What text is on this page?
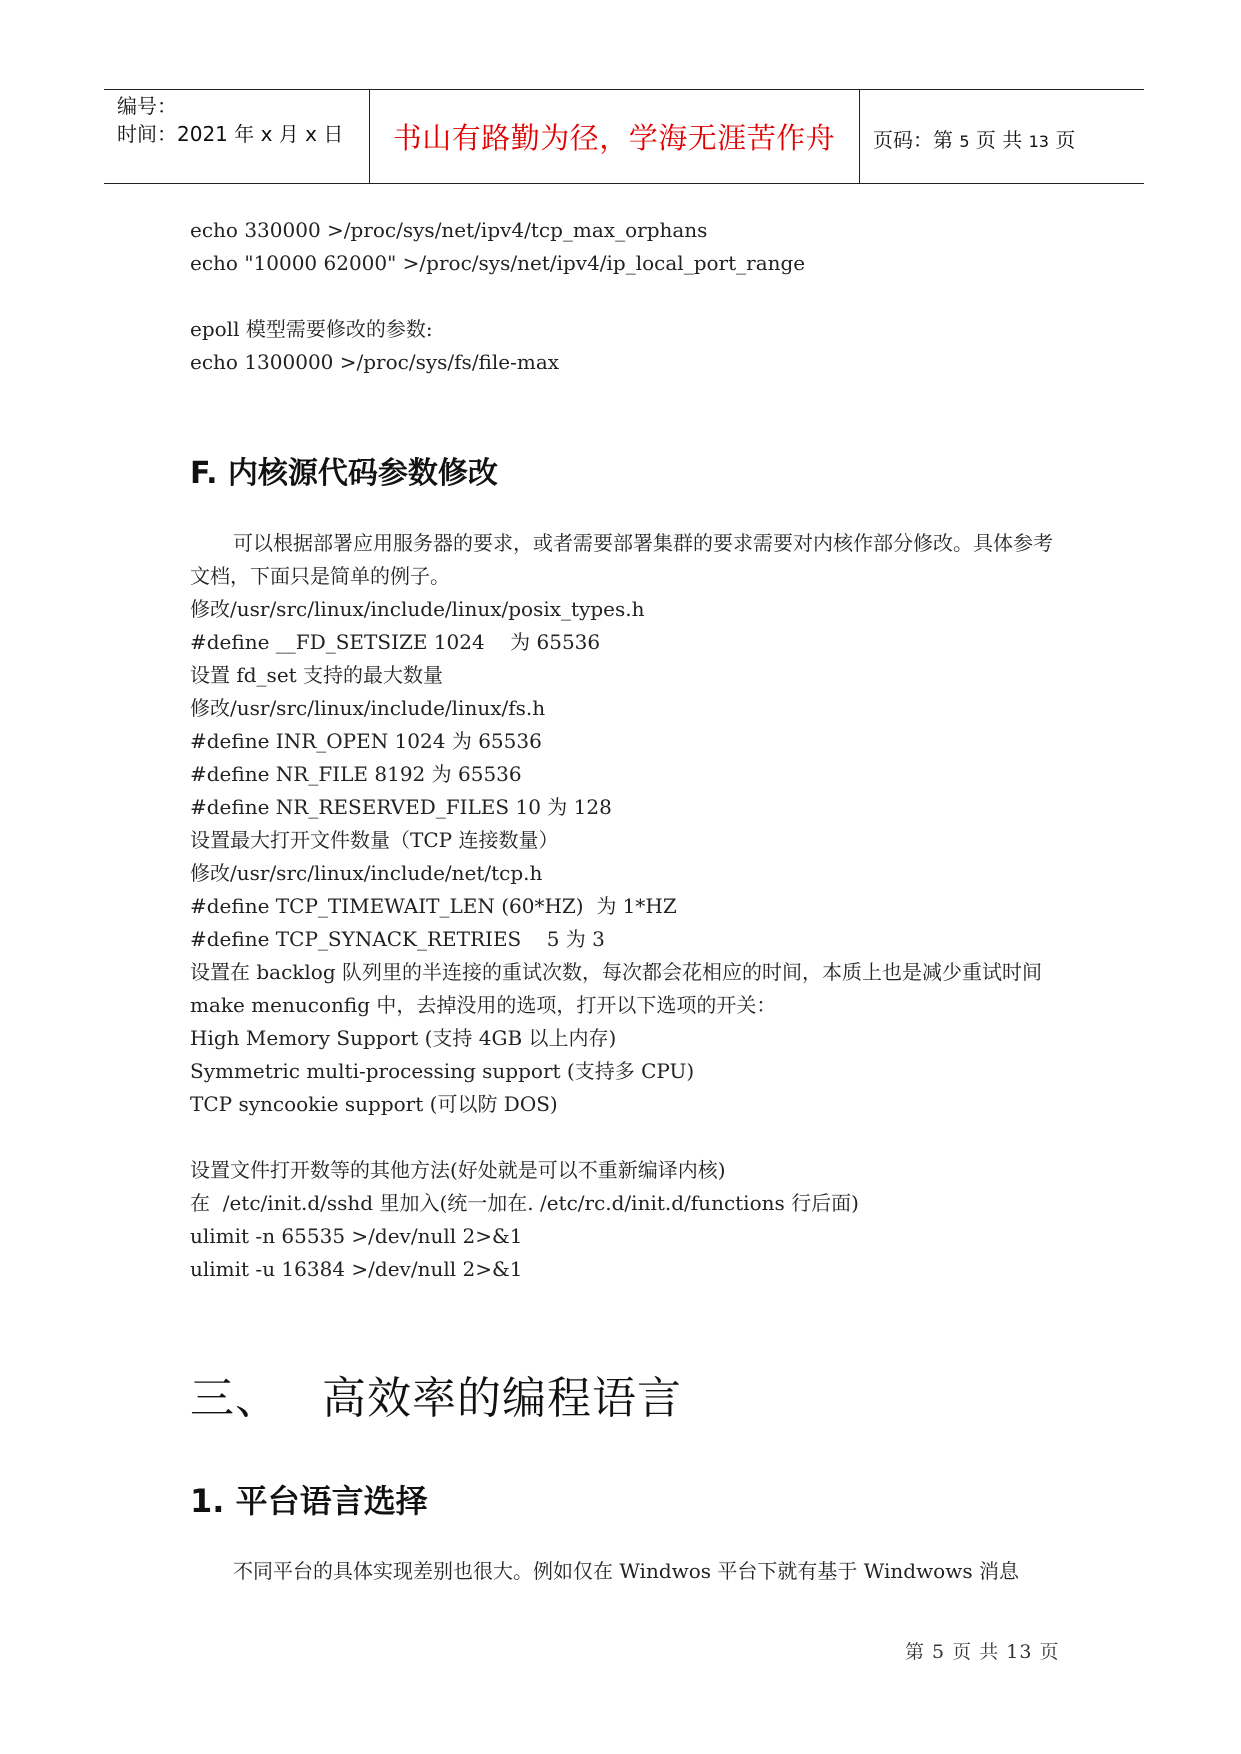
编号：
时间：2021 年 x 月 x 日	书山有路勤为径，学海无涯苦作舟	页码：第 5 页 共 13 页
echo 330000 >/proc/sys/net/ipv4/tcp_max_orphans
echo "10000 62000" >/proc/sys/net/ipv4/ip_local_port_range
epoll 模型需要修改的参数:
echo 1300000 >/proc/sys/fs/file-max
F. 内核源代码参数修改
可以根据部署应用服务器的要求，或者需要部署集群的要求需要对内核作部分修改。具体参考文档，下面只是简单的例子。
修改/usr/src/linux/include/linux/posix_types.h
#define __FD_SETSIZE 1024    为 65536
设置 fd_set 支持的最大数量
修改/usr/src/linux/include/linux/fs.h
#define INR_OPEN 1024 为 65536
#define NR_FILE 8192 为 65536
#define NR_RESERVED_FILES 10 为 128
设置最大打开文件数量（TCP 连接数量）
修改/usr/src/linux/include/net/tcp.h
#define TCP_TIMEWAIT_LEN (60*HZ)  为 1*HZ
#define TCP_SYNACK_RETRIES    5 为 3
设置在 backlog 队列里的半连接的重试次数，每次都会花相应的时间，本质上也是减少重试时间
make menuconfig 中，去掉没用的选项，打开以下选项的开关：
High Memory Support (支持 4GB 以上内存)
Symmetric multi-processing support (支持多 CPU)
TCP syncookie support (可以防 DOS)
设置文件打开数等的其他方法(好处就是可以不重新编译内核)
在  /etc/init.d/sshd 里加入(统一加在. /etc/rc.d/init.d/functions 行后面)
ulimit -n 65535 >/dev/null 2>&1
ulimit -u 16384 >/dev/null 2>&1
三、 高效率的编程语言
1. 平台语言选择
不同平台的具体实现差别也很大。例如仅在 Windwos 平台下就有基于 Windwows 消息
第 5 页 共 13 页
